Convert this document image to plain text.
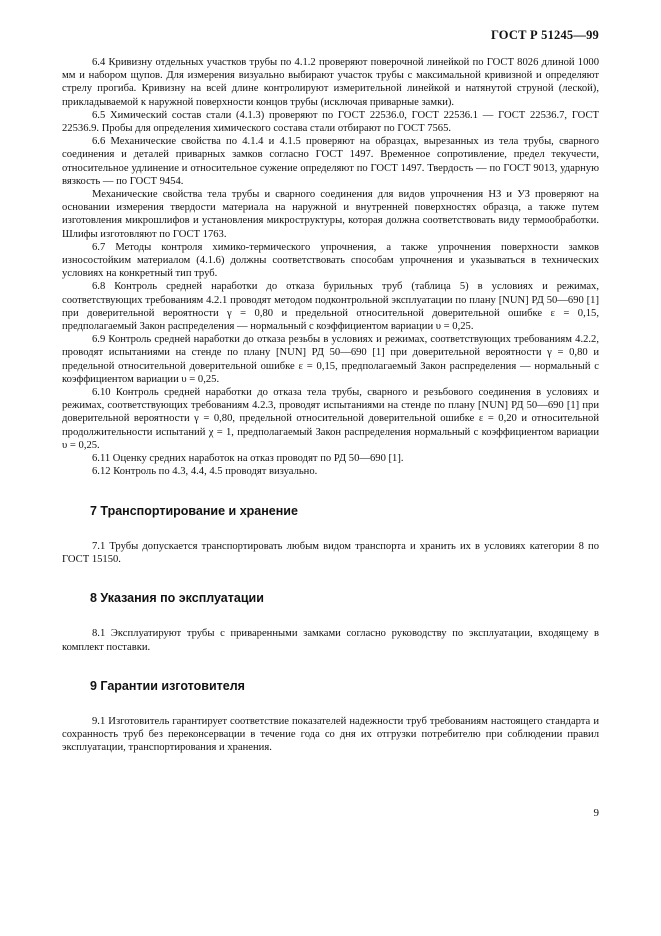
ГОСТ Р 51245—99

6.4 Кривизну отдельных участков трубы по 4.1.2 проверяют поверочной линейкой по ГОСТ 8026 длиной 1000 мм и набором щупов. Для измерения визуально выбирают участок трубы с максимальной кривизной и определяют стрелу прогиба. Кривизну на всей длине контролируют измерительной линейкой и натянутой струной (леской), прикладываемой к наружной поверхности концов трубы (исключая приварные замки).

6.5 Химический состав стали (4.1.3) проверяют по ГОСТ 22536.0, ГОСТ 22536.1 — ГОСТ 22536.7, ГОСТ 22536.9. Пробы для определения химического состава стали отбирают по ГОСТ 7565.

6.6 Механические свойства по 4.1.4 и 4.1.5 проверяют на образцах, вырезанных из тела трубы, сварного соединения и деталей приварных замков согласно ГОСТ 1497. Временное сопротивление, предел текучести, относительное удлинение и относительное сужение определяют по ГОСТ 1497. Твердость — по ГОСТ 9013, ударную вязкость — по ГОСТ 9454.

Механические свойства тела трубы и сварного соединения для видов упрочнения НЗ и УЗ проверяют на основании измерения твердости материала на наружной и внутренней поверхностях образца, а также путем изготовления микрошлифов и установления микроструктуры, которая должна соответствовать виду термообработки. Шлифы изготовляют по ГОСТ 1763.

6.7 Методы контроля химико-термического упрочнения, а также упрочнения поверхности замков износостойким материалом (4.1.6) должны соответствовать способам упрочнения и указываться в технических условиях на конкретный тип труб.

6.8 Контроль средней наработки до отказа бурильных труб (таблица 5) в условиях и режимах, соответствующих требованиям 4.2.1 проводят методом подконтрольной эксплуатации по плану [NUN] РД 50—690 [1] при доверительной вероятности γ = 0,80 и предельной относительной доверительной ошибке ε = 0,15, предполагаемый Закон распределения — нормальный с коэффициентом вариации υ = 0,25.

6.9 Контроль средней наработки до отказа резьбы в условиях и режимах, соответствующих требованиям 4.2.2, проводят испытаниями на стенде по плану [NUN] РД 50—690 [1] при доверительной вероятности γ = 0,80 и предельной относительной доверительной ошибке ε = 0,15, предполагаемый Закон распределения — нормальный с коэффициентом вариации υ = 0,25.

6.10 Контроль средней наработки до отказа тела трубы, сварного и резьбового соединения в условиях и режимах, соответствующих требованиям 4.2.3, проводят испытаниями на стенде по плану [NUN] РД 50—690 [1] при доверительной вероятности γ = 0,80, предельной относительной доверительной ошибке ε = 0,20 и относительной продолжительности испытаний χ = 1, предполагаемый Закон распределения нормальный с коэффициентом вариации υ = 0,25.

6.11 Оценку средних наработок на отказ проводят по РД 50—690 [1].

6.12 Контроль по 4.3, 4.4, 4.5 проводят визуально.

7 Транспортирование и хранение

7.1 Трубы допускается транспортировать любым видом транспорта и хранить их в условиях категории 8 по ГОСТ 15150.

8 Указания по эксплуатации

8.1 Эксплуатируют трубы с приваренными замками согласно руководству по эксплуатации, входящему в комплект поставки.

9 Гарантии изготовителя

9.1 Изготовитель гарантирует соответствие показателей надежности труб требованиям настоящего стандарта и сохранность труб без переконсервации в течение года со дня их отгрузки потребителю при соблюдении правил эксплуатации, транспортирования и хранения.

9
